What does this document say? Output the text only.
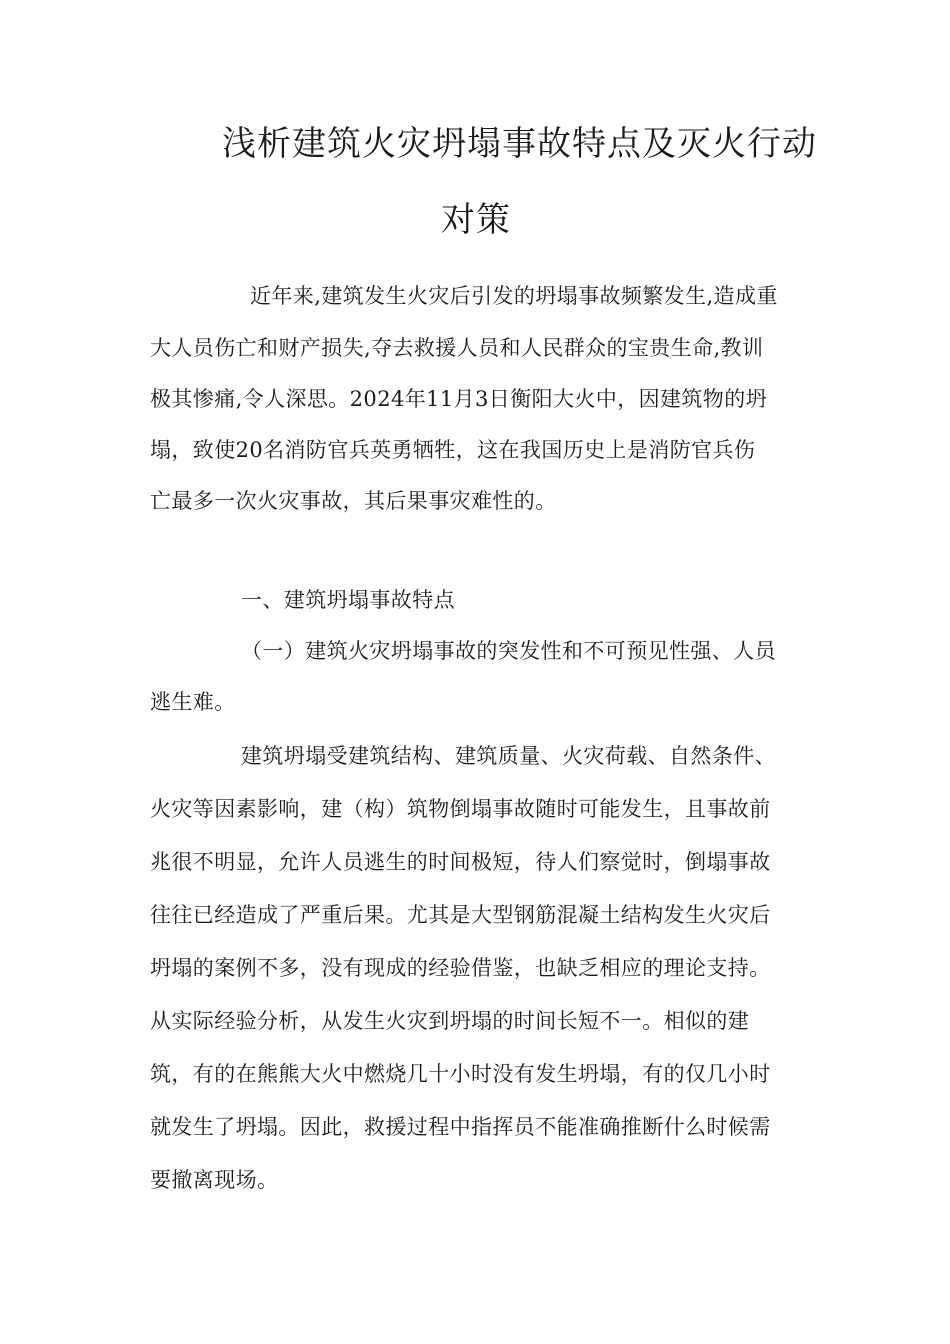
浅析建筑火灾坍塌事故特点及灭火行动
对策
近年来,建筑发生火灾后引发的坍塌事故频繁发生,造成重
大人员伤亡和财产损失,夺去救援人员和人民群众的宝贵生命,教训
极其惨痛,令人深思。2024年11月3日衡阳大火中，因建筑物的坍
塌，致使20名消防官兵英勇牺牲，这在我国历史上是消防官兵伤
亡最多一次火灾事故，其后果事灾难性的。
一、建筑坍塌事故特点
（一）建筑火灾坍塌事故的突发性和不可预见性强、人员
逃生难。
建筑坍塌受建筑结构、建筑质量、火灾荷载、自然条件、
火灾等因素影响，建（构）筑物倒塌事故随时可能发生，且事故前
兆很不明显，允许人员逃生的时间极短，待人们察觉时，倒塌事故
往往已经造成了严重后果。尤其是大型钢筋混凝土结构发生火灾后
坍塌的案例不多，没有现成的经验借鉴，也缺乏相应的理论支持。
从实际经验分析，从发生火灾到坍塌的时间长短不一。相似的建
筑，有的在熊熊大火中燃烧几十小时没有发生坍塌，有的仅几小时
就发生了坍塌。因此，救援过程中指挥员不能准确推断什么时候需
要撤离现场。
